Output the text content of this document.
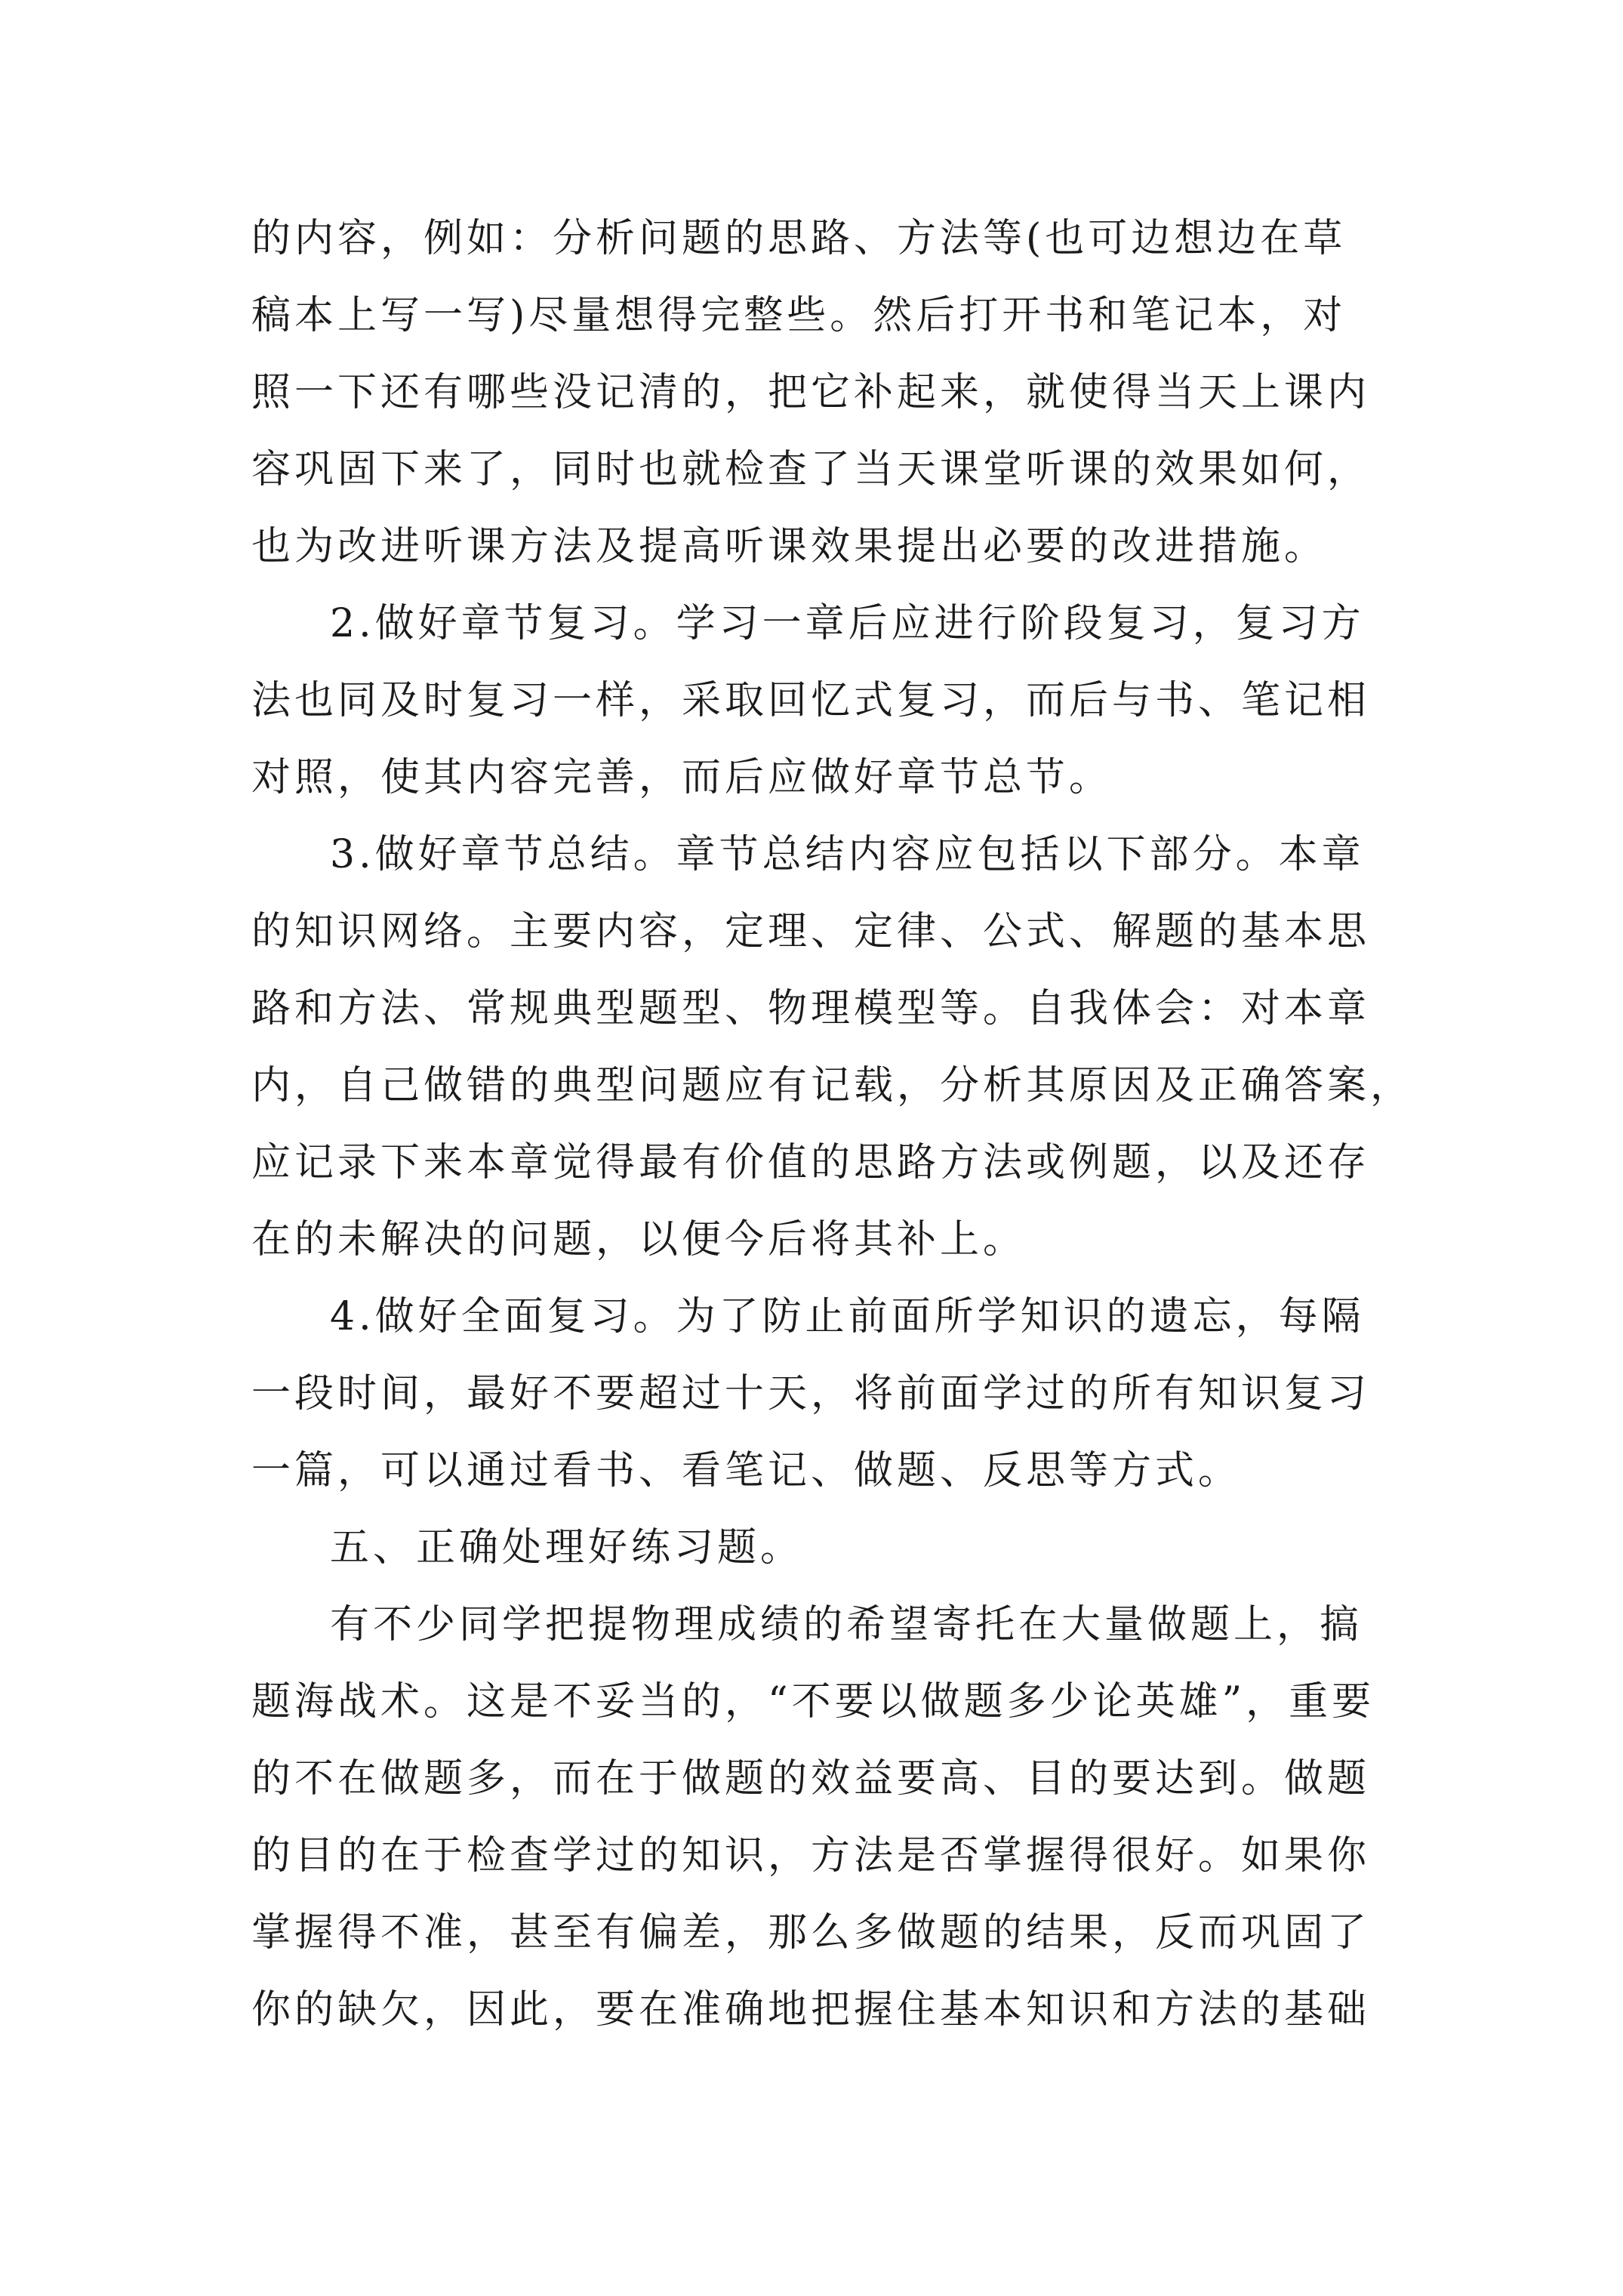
的内容，例如：分析问题的思路、方法等(也可边想边在草
稿本上写一写)尽量想得完整些。然后打开书和笔记本，对
照一下还有哪些没记清的，把它补起来，就使得当天上课内
容巩固下来了，同时也就检查了当天课堂听课的效果如何，
也为改进听课方法及提高听课效果提出必要的改进措施。
2.做好章节复习。学习一章后应进行阶段复习，复习方
法也同及时复习一样，采取回忆式复习，而后与书、笔记相
对照，使其内容完善，而后应做好章节总节。
3.做好章节总结。章节总结内容应包括以下部分。本章
的知识网络。主要内容，定理、定律、公式、解题的基本思
路和方法、常规典型题型、物理模型等。自我体会：对本章
内，自己做错的典型问题应有记载，分析其原因及正确答案，
应记录下来本章觉得最有价值的思路方法或例题，以及还存
在的未解决的问题，以便今后将其补上。
4.做好全面复习。为了防止前面所学知识的遗忘，每隔
一段时间，最好不要超过十天，将前面学过的所有知识复习
一篇，可以通过看书、看笔记、做题、反思等方式。
五、正确处理好练习题。
有不少同学把提物理成绩的希望寄托在大量做题上，搞
题海战术。这是不妥当的，“不要以做题多少论英雄”，重要
的不在做题多，而在于做题的效益要高、目的要达到。做题
的目的在于检查学过的知识，方法是否掌握得很好。如果你
掌握得不准，甚至有偏差，那么多做题的结果，反而巩固了
你的缺欠，因此，要在准确地把握住基本知识和方法的基础
